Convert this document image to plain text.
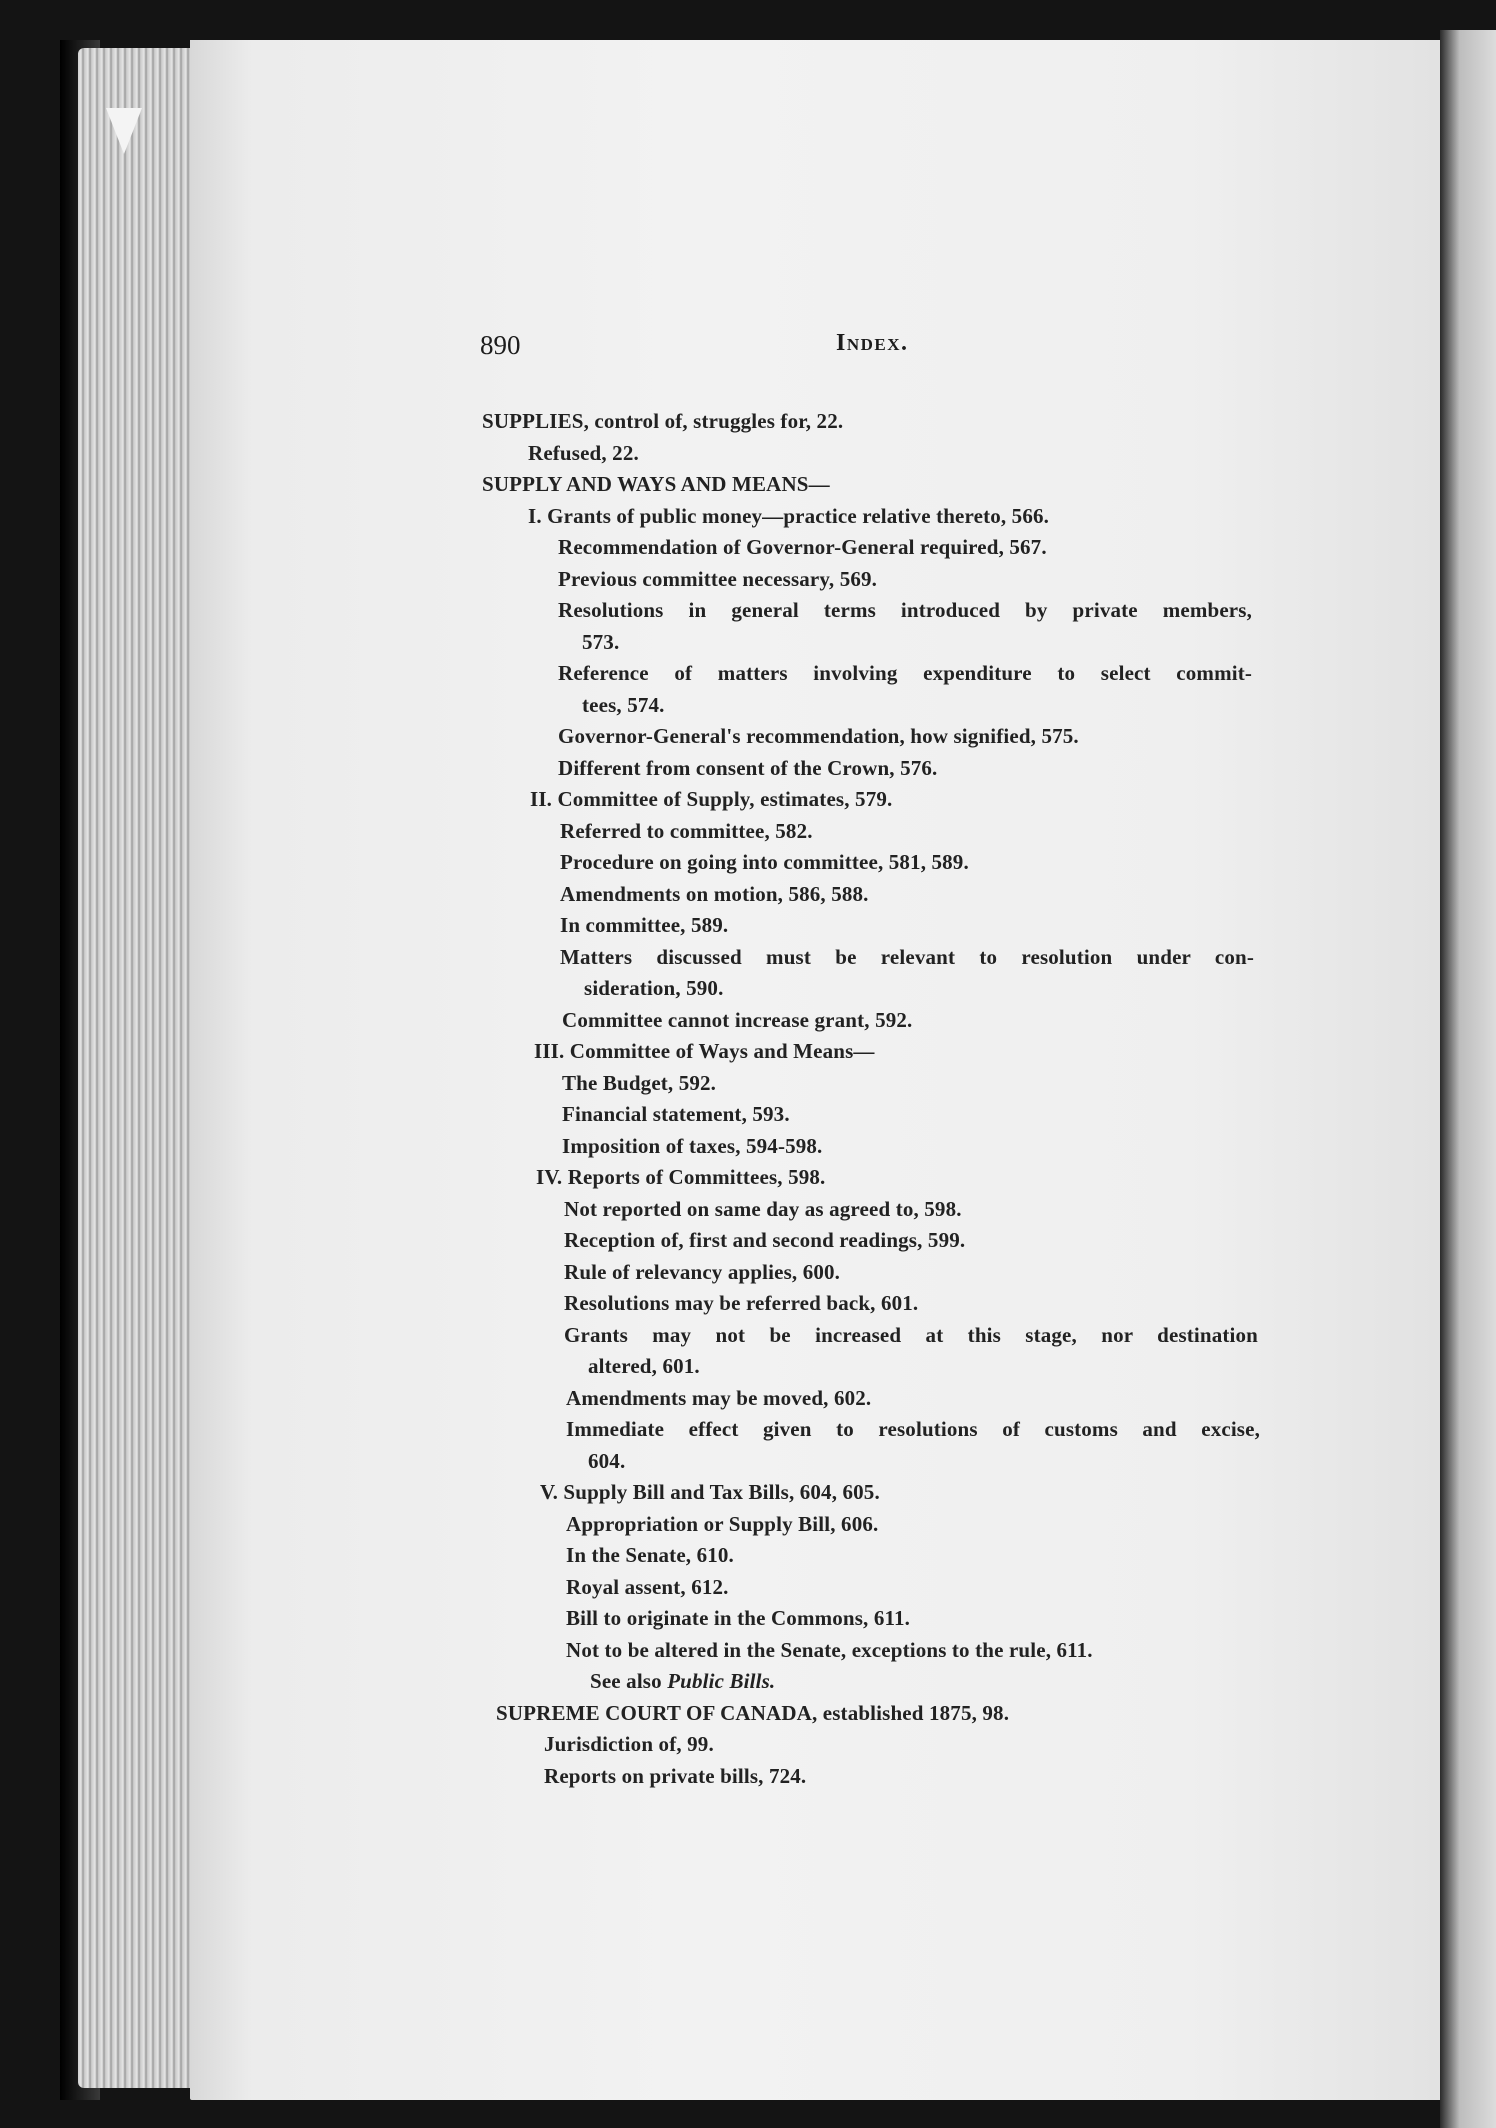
890	Index.
SUPPLIES, control of, struggles for, 22.
Refused, 22.
SUPPLY AND WAYS AND MEANS—
I. Grants of public money—practice relative thereto, 566.
Recommendation of Governor-General required, 567.
Previous committee necessary, 569.
Resolutions in general terms introduced by private members,
573.
Reference of matters involving expenditure to select commit-
tees, 574.
Governor-General's recommendation, how signified, 575.
Different from consent of the Crown, 576.
II. Committee of Supply, estimates, 579.
Referred to committee, 582.
Procedure on going into committee, 581, 589.
Amendments on motion, 586, 588.
In committee, 589.
Matters discussed must be relevant to resolution under con-
sideration, 590.
Committee cannot increase grant, 592.
III. Committee of Ways and Means—
The Budget, 592.
Financial statement, 593.
Imposition of taxes, 594-598.
IV. Reports of Committees, 598.
Not reported on same day as agreed to, 598.
Reception of, first and second readings, 599.
Rule of relevancy applies, 600.
Resolutions may be referred back, 601.
Grants may not be increased at this stage, nor destination
altered, 601.
Amendments may be moved, 602.
Immediate effect given to resolutions of customs and excise,
604.
V. Supply Bill and Tax Bills, 604, 605.
Appropriation or Supply Bill, 606.
In the Senate, 610.
Royal assent, 612.
Bill to originate in the Commons, 611.
Not to be altered in the Senate, exceptions to the rule, 611.
See also Public Bills.
SUPREME COURT OF CANADA, established 1875, 98.
Jurisdiction of, 99.
Reports on private bills, 724.
